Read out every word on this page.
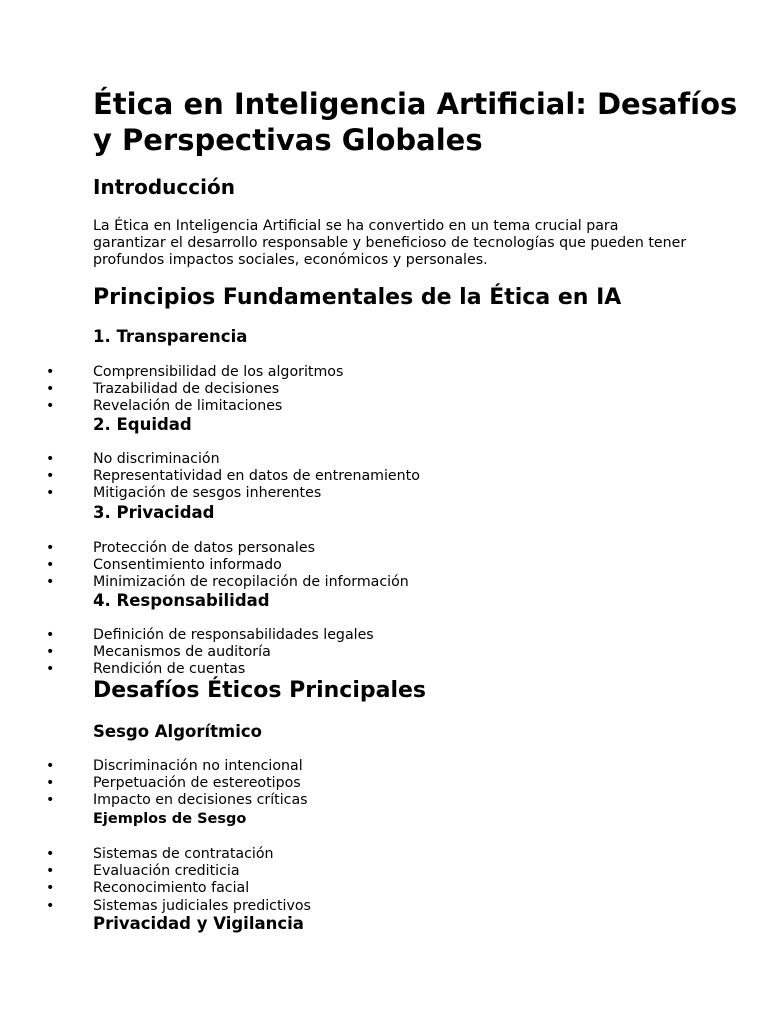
Ética en Inteligencia Artificial: Desafíos y Perspectivas Globales
Introducción

La Ética en Inteligencia Artificial se ha convertido en un tema crucial para garantizar el desarrollo responsable y beneficioso de tecnologías que pueden tener profundos impactos sociales, económicos y personales.

Principios Fundamentales de la Ética en IA
1. Transparencia
•	Comprensibilidad de los algoritmos
•	Trazabilidad de decisiones
•	Revelación de limitaciones
2. Equidad
•	No discriminación
•	Representatividad en datos de entrenamiento
•	Mitigación de sesgos inherentes
3. Privacidad
•	Protección de datos personales
•	Consentimiento informado
•	Minimización de recopilación de información
4. Responsabilidad
•	Definición de responsabilidades legales
•	Mecanismos de auditoría
•	Rendición de cuentas
Desafíos Éticos Principales
Sesgo Algorítmico
•	Discriminación no intencional
•	Perpetuación de estereotipos
•	Impacto en decisiones críticas
Ejemplos de Sesgo
•	Sistemas de contratación
•	Evaluación crediticia
•	Reconocimiento facial
•	Sistemas judiciales predictivos
Privacidad y Vigilancia
